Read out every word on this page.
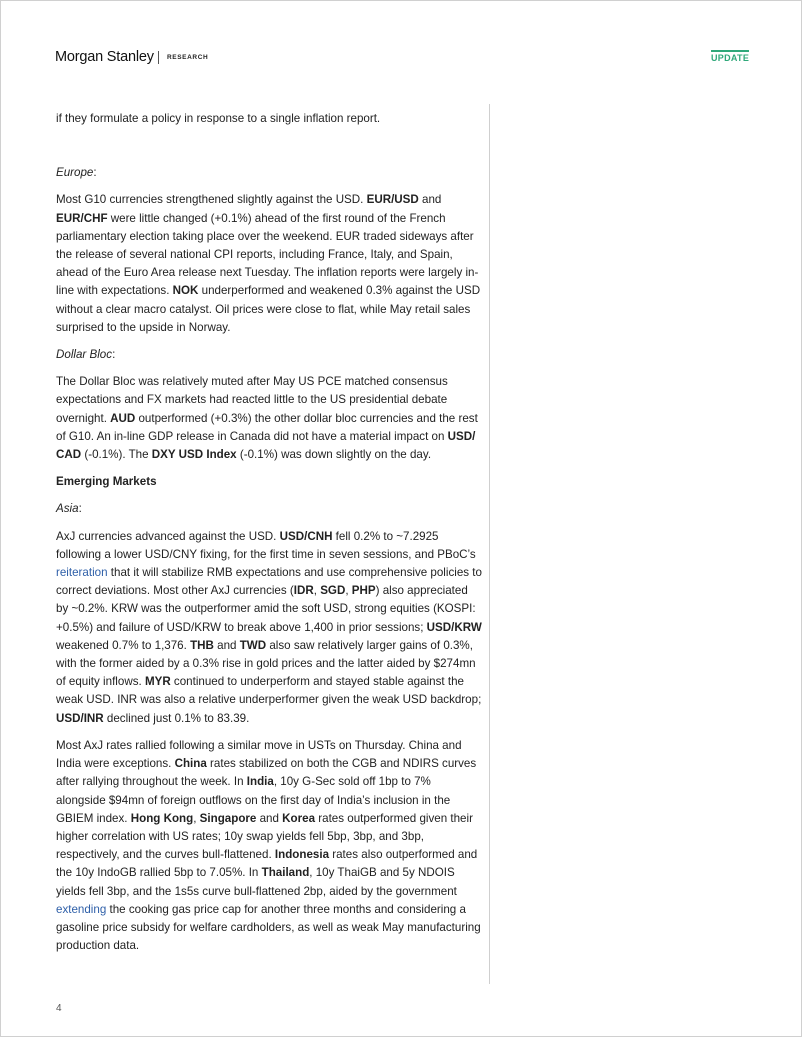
Morgan Stanley RESEARCH	UPDATE

if they formulate a policy in response to a single inflation report.

Europe:

Most G10 currencies strengthened slightly against the USD. EUR/USD and EUR/CHF were little changed (+0.1%) ahead of the first round of the French parliamentary election taking place over the weekend. EUR traded sideways after the release of several national CPI reports, including France, Italy, and Spain, ahead of the Euro Area release next Tuesday. The inflation reports were largely in-line with expectations. NOK underperformed and weakened 0.3% against the USD without a clear macro catalyst. Oil prices were close to flat, while May retail sales surprised to the upside in Norway.

Dollar Bloc:

The Dollar Bloc was relatively muted after May US PCE matched consensus expectations and FX markets had reacted little to the US presidential debate overnight. AUD outperformed (+0.3%) the other dollar bloc currencies and the rest of G10. An in-line GDP release in Canada did not have a material impact on USD/ CAD (-0.1%). The DXY USD Index (-0.1%) was down slightly on the day.

Emerging Markets

Asia:

AxJ currencies advanced against the USD. USD/CNH fell 0.2% to ~7.2925 following a lower USD/CNY fixing, for the first time in seven sessions, and PBoC’s reiteration that it will stabilize RMB expectations and use comprehensive policies to correct deviations. Most other AxJ currencies (IDR, SGD, PHP) also appreciated by ~0.2%. KRW was the outperformer amid the soft USD, strong equities (KOSPI: +0.5%) and failure of USD/KRW to break above 1,400 in prior sessions; USD/KRW weakened 0.7% to 1,376. THB and TWD also saw relatively larger gains of 0.3%, with the former aided by a 0.3% rise in gold prices and the latter aided by $274mn of equity inflows. MYR continued to underperform and stayed stable against the weak USD. INR was also a relative underperformer given the weak USD backdrop; USD/INR declined just 0.1% to 83.39.

Most AxJ rates rallied following a similar move in USTs on Thursday. China and India were exceptions. China rates stabilized on both the CGB and NDIRS curves after rallying throughout the week. In India, 10y G-Sec sold off 1bp to 7% alongside $94mn of foreign outflows on the first day of India’s inclusion in the GBIEM index. Hong Kong, Singapore and Korea rates outperformed given their higher correlation with US rates; 10y swap yields fell 5bp, 3bp, and 3bp, respectively, and the curves bull-flattened. Indonesia rates also outperformed and the 10y IndoGB rallied 5bp to 7.05%. In Thailand, 10y ThaiGB and 5y NDOIS yields fell 3bp, and the 1s5s curve bull-flattened 2bp, aided by the government extending the cooking gas price cap for another three months and considering a gasoline price subsidy for welfare cardholders, as well as weak May manufacturing production data.

4
